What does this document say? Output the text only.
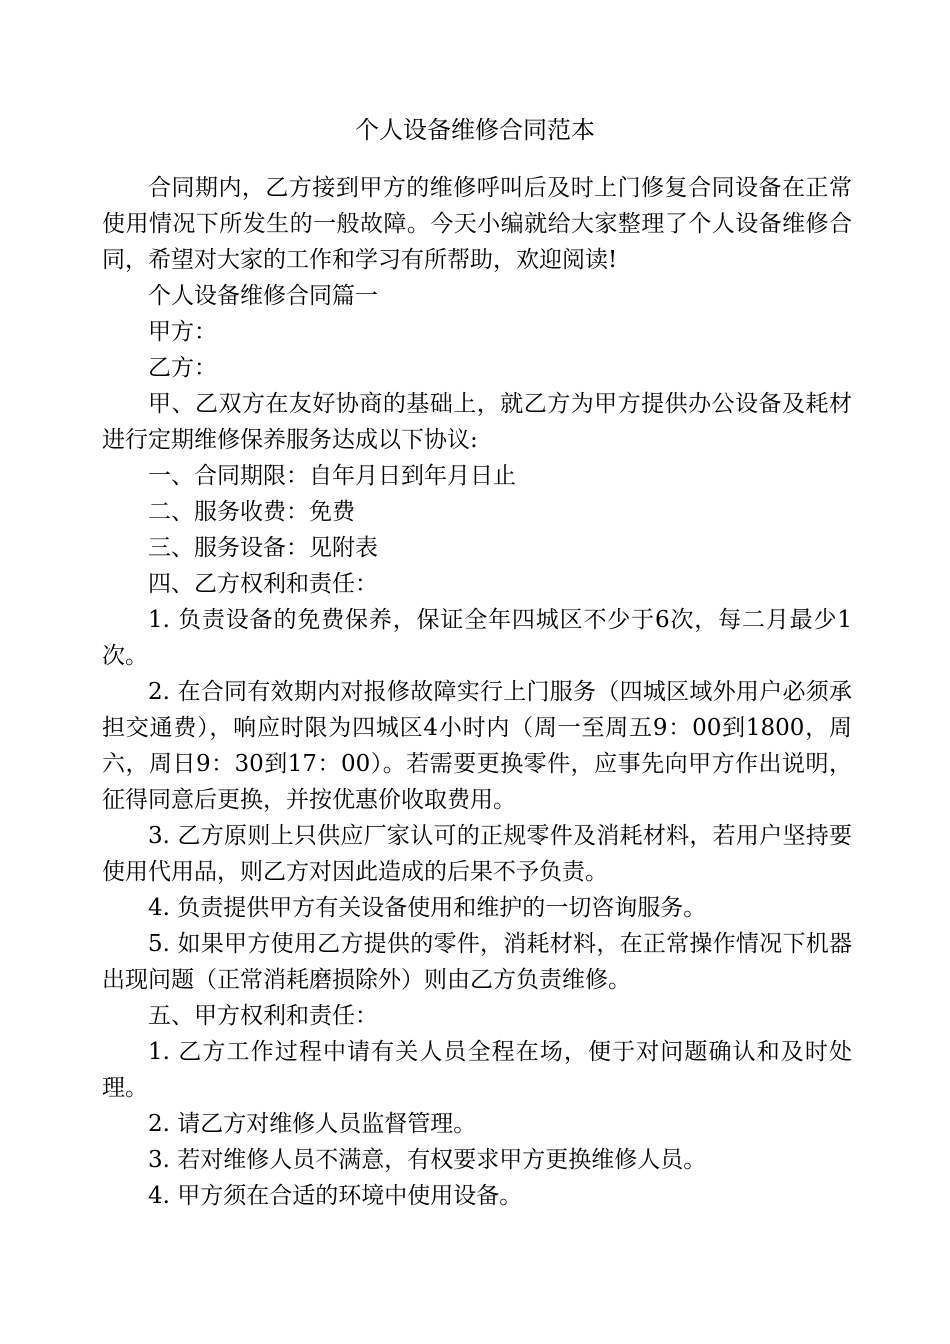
个人设备维修合同范本

合同期内，乙方接到甲方的维修呼叫后及时上门修复合同设备在正常使用情况下所发生的一般故障。今天小编就给大家整理了个人设备维修合同，希望对大家的工作和学习有所帮助，欢迎阅读!

个人设备维修合同篇一

甲方：

乙方：

甲、乙双方在友好协商的基础上，就乙方为甲方提供办公设备及耗材进行定期维修保养服务达成以下协议:

一、合同期限：自年月日到年月日止

二、服务收费：免费

三、服务设备：见附表

四、乙方权利和责任：

1. 负责设备的免费保养，保证全年四城区不少于6次，每二月最少1次。

2. 在合同有效期内对报修故障实行上门服务（四城区域外用户必须承担交通费），响应时限为四城区4小时内（周一至周五9：00到1800，周六，周日9：30到17：00）。若需要更换零件，应事先向甲方作出说明，征得同意后更换，并按优惠价收取费用。

3. 乙方原则上只供应厂家认可的正规零件及消耗材料，若用户坚持要使用代用品，则乙方对因此造成的后果不予负责。

4. 负责提供甲方有关设备使用和维护的一切咨询服务。

5. 如果甲方使用乙方提供的零件，消耗材料，在正常操作情况下机器出现问题（正常消耗磨损除外）则由乙方负责维修。

五、甲方权利和责任：

1. 乙方工作过程中请有关人员全程在场，便于对问题确认和及时处理。

2. 请乙方对维修人员监督管理。

3. 若对维修人员不满意，有权要求甲方更换维修人员。

4. 甲方须在合适的环境中使用设备。
